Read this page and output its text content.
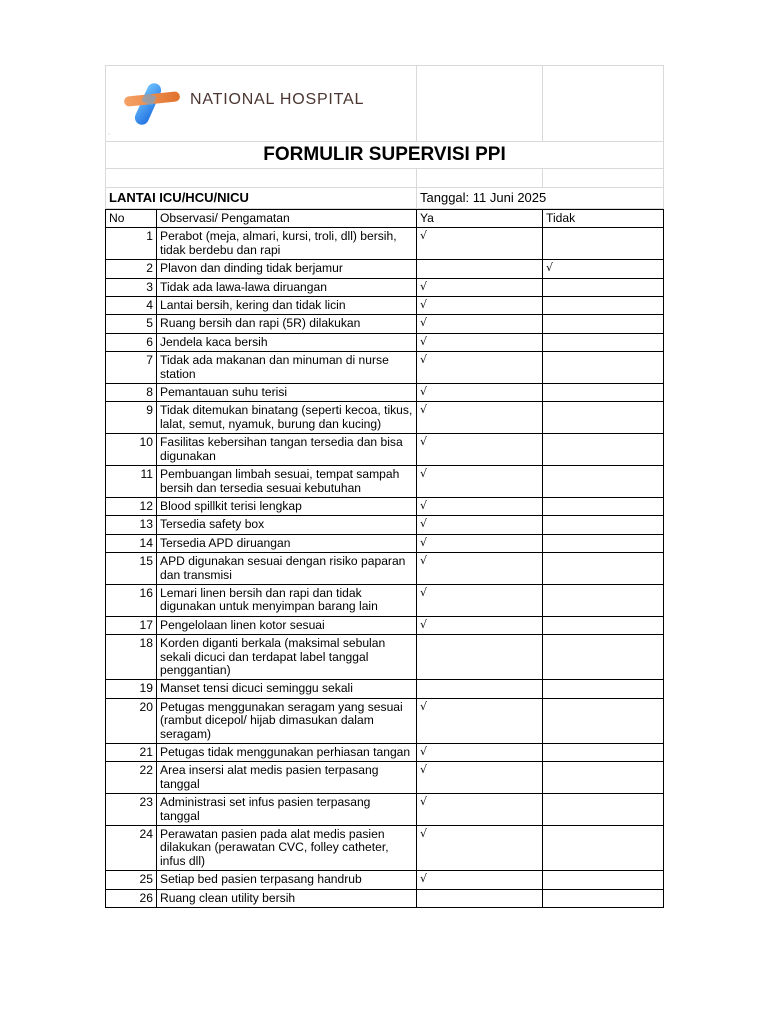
NATIONAL HOSPITAL
▪▪		

FORMULIR SUPERVISI PPI		

LANTAI ICU/HCU/NICU	Tanggal: 11 Juni 2025	
No	Observasi/ Pengamatan	Ya	Tidak
1	Perabot (meja, almari, kursi, troli, dll) bersih, tidak berdebu dan rapi	√	
2	Plavon dan dinding tidak berjamur		√
3	Tidak ada lawa-lawa diruangan	√	
4	Lantai bersih, kering dan tidak licin	√	
5	Ruang bersih dan rapi (5R) dilakukan	√	
6	Jendela kaca bersih	√	
7	Tidak ada makanan dan minuman di nurse station	√	
8	Pemantauan suhu terisi	√	
9	Tidak ditemukan binatang (seperti kecoa, tikus, lalat, semut, nyamuk, burung dan kucing)	√	
10	Fasilitas kebersihan tangan tersedia dan bisa digunakan	√	
11	Pembuangan limbah sesuai, tempat sampah bersih dan tersedia sesuai kebutuhan	√	
12	Blood spillkit terisi lengkap	√	
13	Tersedia safety box	√	
14	Tersedia APD diruangan	√	
15	APD digunakan sesuai dengan risiko paparan dan transmisi	√	
16	Lemari linen bersih dan rapi dan tidak digunakan untuk menyimpan barang lain	√	
17	Pengelolaan linen kotor sesuai	√	
18	Korden diganti berkala (maksimal sebulan sekali dicuci dan terdapat label tanggal penggantian)		
19	Manset tensi dicuci seminggu sekali		
20	Petugas menggunakan seragam yang sesuai (rambut dicepol/ hijab dimasukan dalam seragam)	√	
21	Petugas tidak menggunakan perhiasan tangan	√	
22	Area insersi alat medis pasien terpasang tanggal	√	
23	Administrasi set infus pasien terpasang tanggal	√	
24	Perawatan pasien pada alat medis pasien dilakukan (perawatan CVC, folley catheter, infus dll)	√	
25	Setiap bed pasien terpasang handrub	√	
26	Ruang clean utility bersih		
